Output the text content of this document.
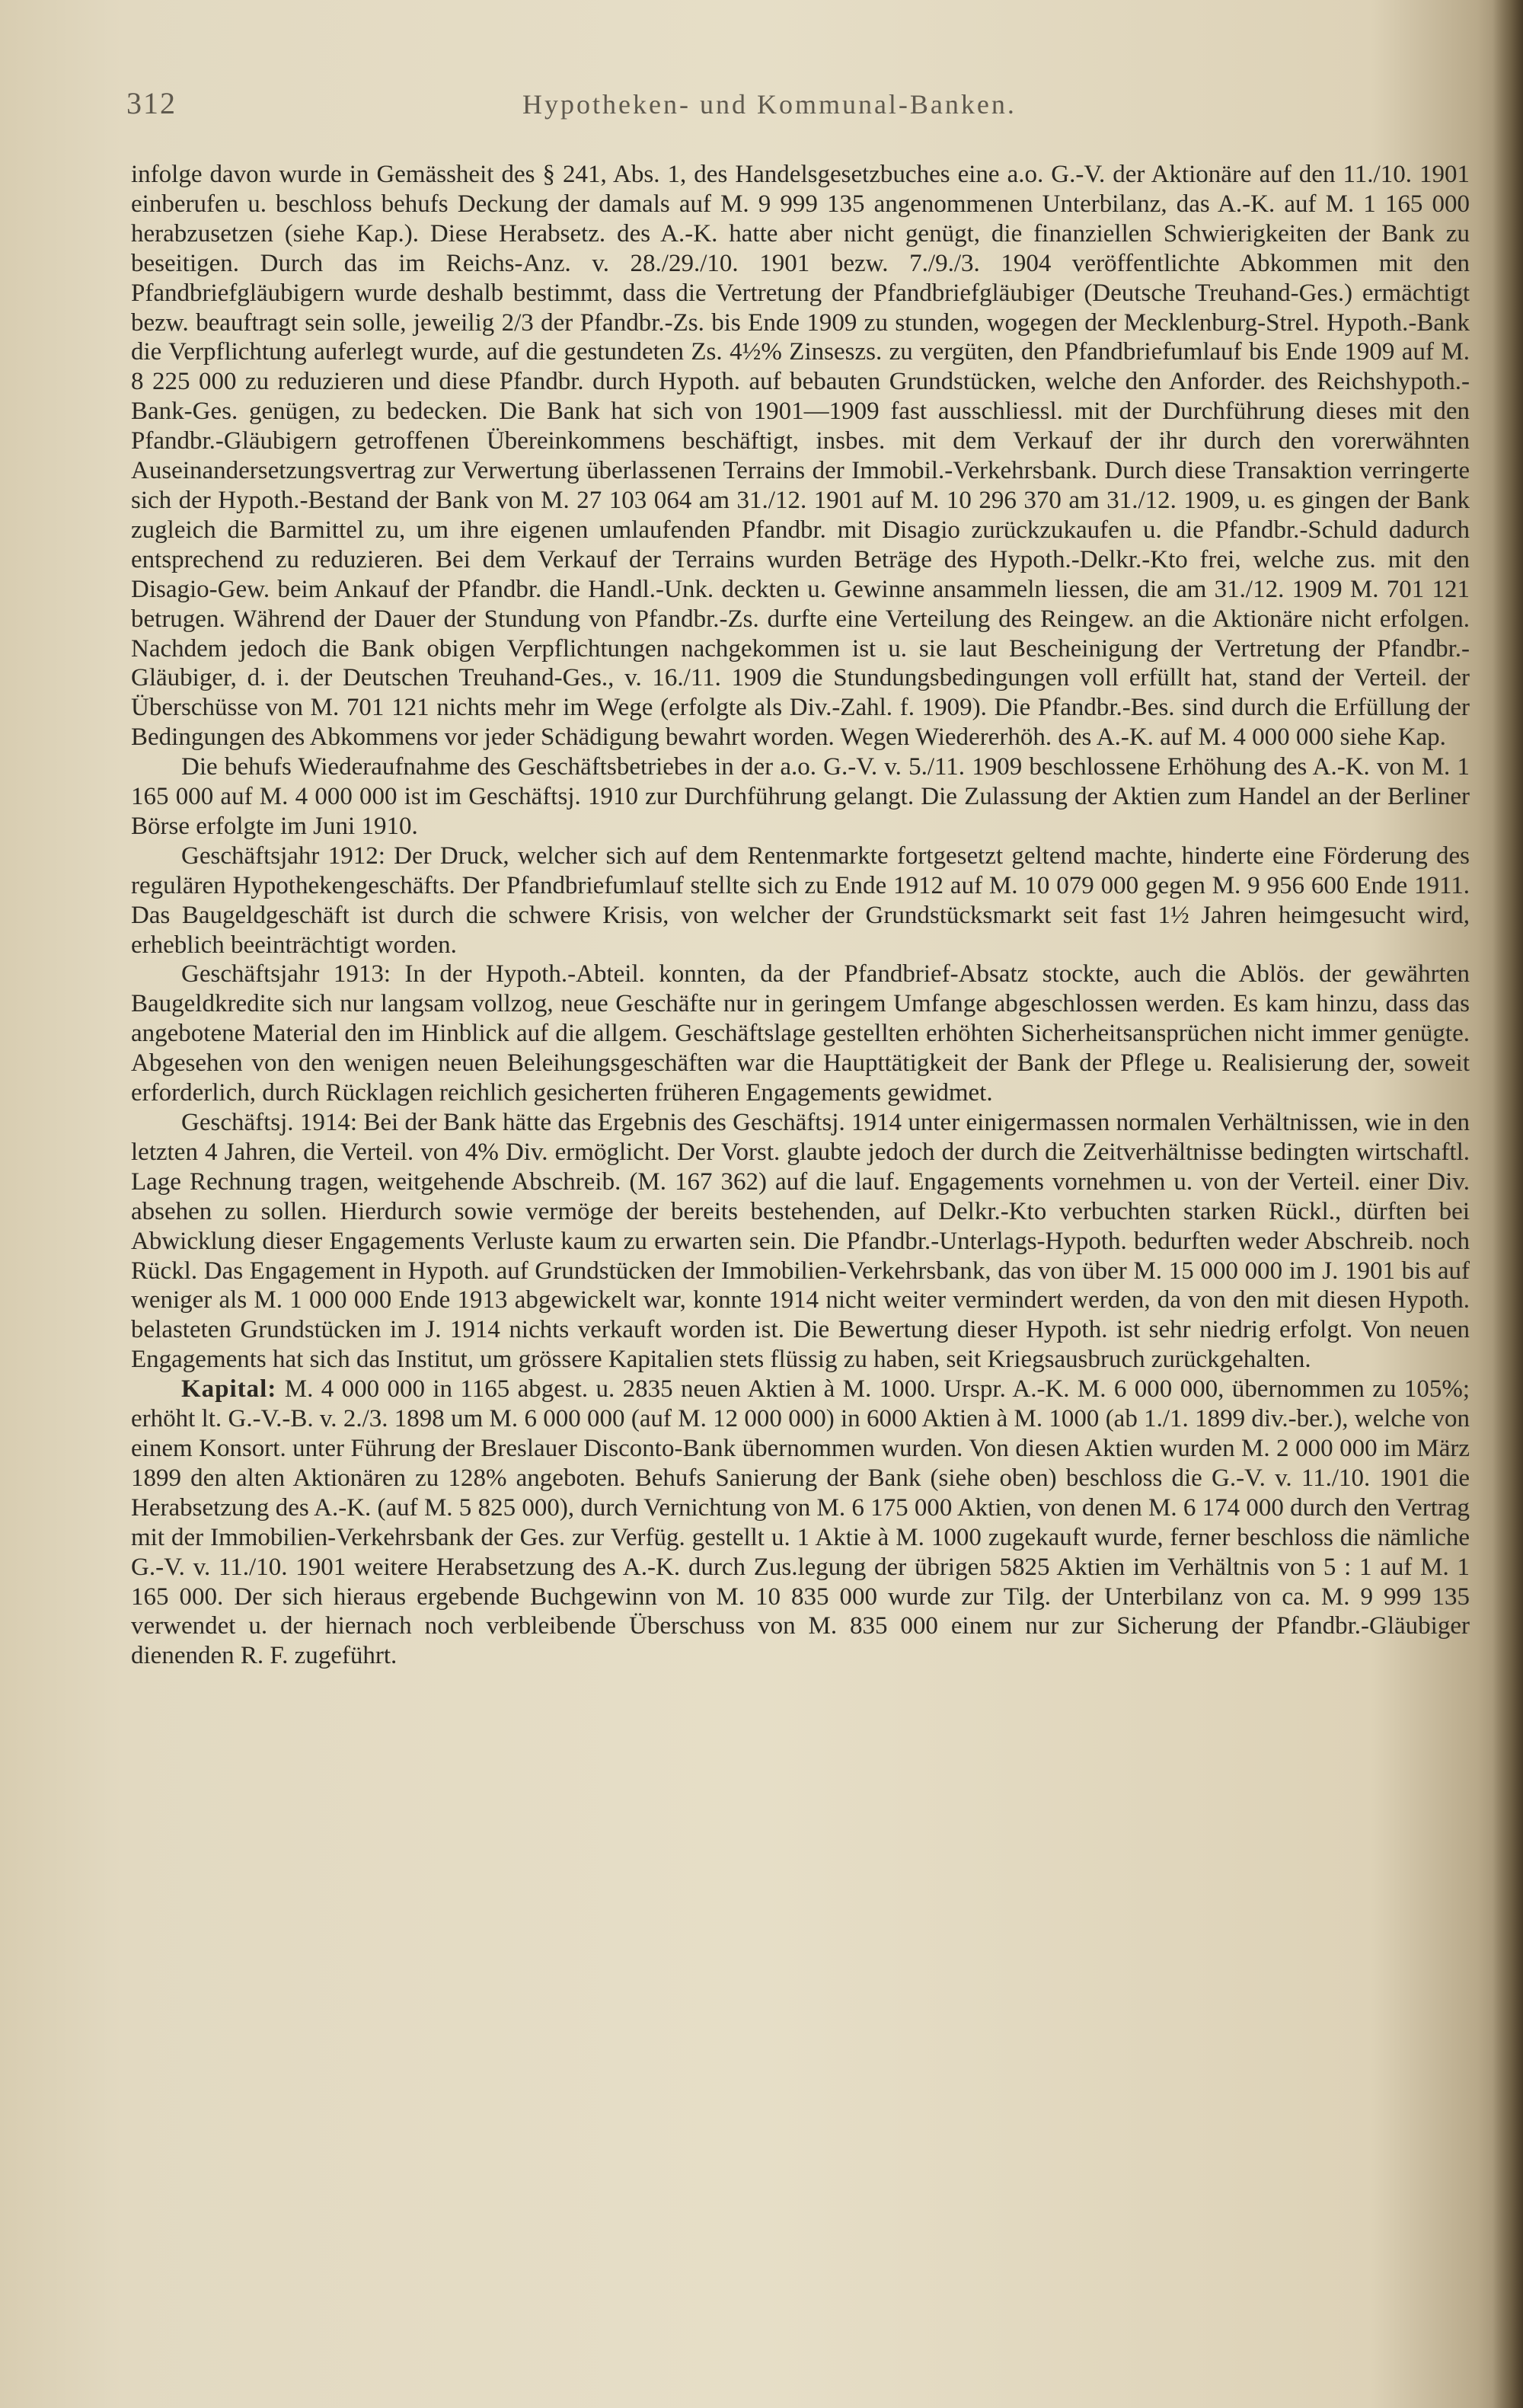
312	Hypotheken- und Kommunal-Banken.

infolge davon wurde in Gemässheit des § 241, Abs. 1, des Handelsgesetzbuches eine a.o. G.-V. der Aktionäre auf den 11./10. 1901 einberufen u. beschloss behufs Deckung der damals auf M. 9 999 135 angenommenen Unterbilanz, das A.-K. auf M. 1 165 000 herabzusetzen (siehe Kap.). Diese Herabsetz. des A.-K. hatte aber nicht genügt, die finanziellen Schwierigkeiten der Bank zu beseitigen. Durch das im Reichs-Anz. v. 28./29./10. 1901 bezw. 7./9./3. 1904 veröffentlichte Abkommen mit den Pfandbriefgläubigern wurde deshalb bestimmt, dass die Vertretung der Pfandbriefgläubiger (Deutsche Treuhand-Ges.) ermächtigt bezw. beauftragt sein solle, jeweilig 2/3 der Pfandbr.-Zs. bis Ende 1909 zu stunden, wogegen der Mecklenburg-Strel. Hypoth.-Bank die Verpflichtung auferlegt wurde, auf die gestundeten Zs. 4½% Zinseszs. zu vergüten, den Pfandbriefumlauf bis Ende 1909 auf M. 8 225 000 zu reduzieren und diese Pfandbr. durch Hypoth. auf bebauten Grundstücken, welche den Anforder. des Reichshypoth.-Bank-Ges. genügen, zu bedecken. Die Bank hat sich von 1901—1909 fast ausschliessl. mit der Durchführung dieses mit den Pfandbr.-Gläubigern getroffenen Übereinkommens beschäftigt, insbes. mit dem Verkauf der ihr durch den vorerwähnten Auseinandersetzungsvertrag zur Verwertung überlassenen Terrains der Immobil.-Verkehrsbank. Durch diese Transaktion verringerte sich der Hypoth.-Bestand der Bank von M. 27 103 064 am 31./12. 1901 auf M. 10 296 370 am 31./12. 1909, u. es gingen der Bank zugleich die Barmittel zu, um ihre eigenen umlaufenden Pfandbr. mit Disagio zurückzukaufen u. die Pfandbr.-Schuld dadurch entsprechend zu reduzieren. Bei dem Verkauf der Terrains wurden Beträge des Hypoth.-Delkr.-Kto frei, welche zus. mit den Disagio-Gew. beim Ankauf der Pfandbr. die Handl.-Unk. deckten u. Gewinne ansammeln liessen, die am 31./12. 1909 M. 701 121 betrugen. Während der Dauer der Stundung von Pfandbr.-Zs. durfte eine Verteilung des Reingew. an die Aktionäre nicht erfolgen. Nachdem jedoch die Bank obigen Verpflichtungen nachgekommen ist u. sie laut Bescheinigung der Vertretung der Pfandbr.-Gläubiger, d. i. der Deutschen Treuhand-Ges., v. 16./11. 1909 die Stundungsbedingungen voll erfüllt hat, stand der Verteil. der Überschüsse von M. 701 121 nichts mehr im Wege (erfolgte als Div.-Zahl. f. 1909). Die Pfandbr.-Bes. sind durch die Erfüllung der Bedingungen des Abkommens vor jeder Schädigung bewahrt worden. Wegen Wiedererhöh. des A.-K. auf M. 4 000 000 siehe Kap.

Die behufs Wiederaufnahme des Geschäftsbetriebes in der a.o. G.-V. v. 5./11. 1909 beschlossene Erhöhung des A.-K. von M. 1 165 000 auf M. 4 000 000 ist im Geschäftsj. 1910 zur Durchführung gelangt. Die Zulassung der Aktien zum Handel an der Berliner Börse erfolgte im Juni 1910.

Geschäftsjahr 1912: Der Druck, welcher sich auf dem Rentenmarkte fortgesetzt geltend machte, hinderte eine Förderung des regulären Hypothekengeschäfts. Der Pfandbriefumlauf stellte sich zu Ende 1912 auf M. 10 079 000 gegen M. 9 956 600 Ende 1911. Das Baugeldgeschäft ist durch die schwere Krisis, von welcher der Grundstücksmarkt seit fast 1½ Jahren heimgesucht wird, erheblich beeinträchtigt worden.

Geschäftsjahr 1913: In der Hypoth.-Abteil. konnten, da der Pfandbrief-Absatz stockte, auch die Ablös. der gewährten Baugeldkredite sich nur langsam vollzog, neue Geschäfte nur in geringem Umfange abgeschlossen werden. Es kam hinzu, dass das angebotene Material den im Hinblick auf die allgem. Geschäftslage gestellten erhöhten Sicherheitsansprüchen nicht immer genügte. Abgesehen von den wenigen neuen Beleihungsgeschäften war die Haupttätigkeit der Bank der Pflege u. Realisierung der, soweit erforderlich, durch Rücklagen reichlich gesicherten früheren Engagements gewidmet.

Geschäftsj. 1914: Bei der Bank hätte das Ergebnis des Geschäftsj. 1914 unter einigermassen normalen Verhältnissen, wie in den letzten 4 Jahren, die Verteil. von 4% Div. ermöglicht. Der Vorst. glaubte jedoch der durch die Zeitverhältnisse bedingten wirtschaftl. Lage Rechnung tragen, weitgehende Abschreib. (M. 167 362) auf die lauf. Engagements vornehmen u. von der Verteil. einer Div. absehen zu sollen. Hierdurch sowie vermöge der bereits bestehenden, auf Delkr.-Kto verbuchten starken Rückl., dürften bei Abwicklung dieser Engagements Verluste kaum zu erwarten sein. Die Pfandbr.-Unterlags-Hypoth. bedurften weder Abschreib. noch Rückl. Das Engagement in Hypoth. auf Grundstücken der Immobilien-Verkehrsbank, das von über M. 15 000 000 im J. 1901 bis auf weniger als M. 1 000 000 Ende 1913 abgewickelt war, konnte 1914 nicht weiter vermindert werden, da von den mit diesen Hypoth. belasteten Grundstücken im J. 1914 nichts verkauft worden ist. Die Bewertung dieser Hypoth. ist sehr niedrig erfolgt. Von neuen Engagements hat sich das Institut, um grössere Kapitalien stets flüssig zu haben, seit Kriegsausbruch zurückgehalten.

Kapital: M. 4 000 000 in 1165 abgest. u. 2835 neuen Aktien à M. 1000. Urspr. A.-K. M. 6 000 000, übernommen zu 105%; erhöht lt. G.-V.-B. v. 2./3. 1898 um M. 6 000 000 (auf M. 12 000 000) in 6000 Aktien à M. 1000 (ab 1./1. 1899 div.-ber.), welche von einem Konsort. unter Führung der Breslauer Disconto-Bank übernommen wurden. Von diesen Aktien wurden M. 2 000 000 im März 1899 den alten Aktionären zu 128% angeboten. Behufs Sanierung der Bank (siehe oben) beschloss die G.-V. v. 11./10. 1901 die Herabsetzung des A.-K. (auf M. 5 825 000), durch Vernichtung von M. 6 175 000 Aktien, von denen M. 6 174 000 durch den Vertrag mit der Immobilien-Verkehrsbank der Ges. zur Verfüg. gestellt u. 1 Aktie à M. 1000 zugekauft wurde, ferner beschloss die nämliche G.-V. v. 11./10. 1901 weitere Herabsetzung des A.-K. durch Zus.legung der übrigen 5825 Aktien im Verhältnis von 5 : 1 auf M. 1 165 000. Der sich hieraus ergebende Buchgewinn von M. 10 835 000 wurde zur Tilg. der Unterbilanz von ca. M. 9 999 135 verwendet u. der hiernach noch verbleibende Überschuss von M. 835 000 einem nur zur Sicherung der Pfandbr.-Gläubiger dienenden R. F. zugeführt.
